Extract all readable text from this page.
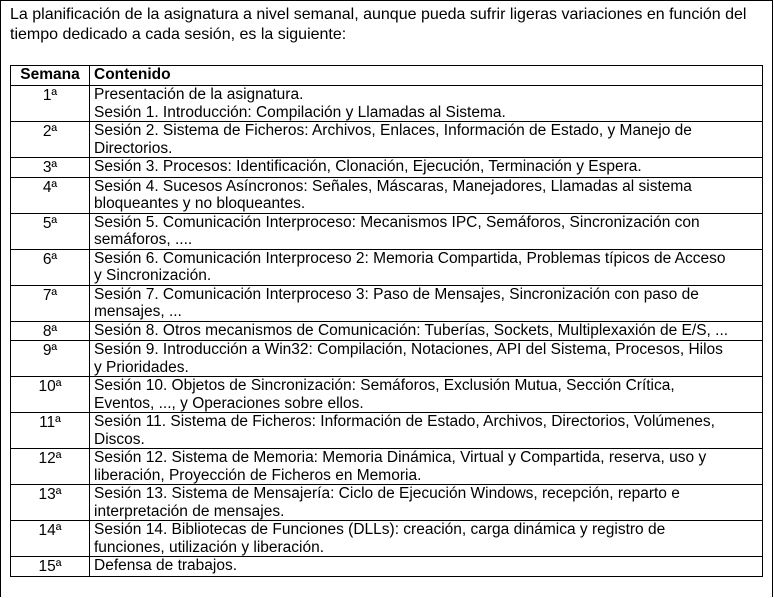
La planificación de la asignatura a nivel semanal, aunque pueda sufrir ligeras variaciones en función del tiempo dedicado a cada sesión, es la siguiente:

Semana	Contenido
1ª	Presentación de la asignatura.
Sesión 1. Introducción: Compilación y Llamadas al Sistema.

2ª	Sesión 2. Sistema de Ficheros: Archivos, Enlaces, Información de Estado, y Manejo de
Directorios.

3ª	Sesión 3. Procesos: Identificación, Clonación, Ejecución, Terminación y Espera.

4ª	Sesión 4. Sucesos Asíncronos: Señales, Máscaras, Manejadores, Llamadas al sistema
bloqueantes y no bloqueantes.

5ª	Sesión 5. Comunicación Interproceso: Mecanismos IPC, Semáforos, Sincronización con
semáforos, ....

6ª	Sesión 6. Comunicación Interproceso 2: Memoria Compartida, Problemas típicos de Acceso
y Sincronización.

7ª	Sesión 7. Comunicación Interproceso 3: Paso de Mensajes, Sincronización con paso de
mensajes, ...

8ª	Sesión 8. Otros mecanismos de Comunicación: Tuberías, Sockets, Multiplexaxión de E/S, ...

9ª	Sesión 9. Introducción a Win32: Compilación, Notaciones, API del Sistema, Procesos, Hilos
y Prioridades.

10ª	Sesión 10. Objetos de Sincronización: Semáforos, Exclusión Mutua, Sección Crítica,
Eventos, ..., y Operaciones sobre ellos.

11ª	Sesión 11. Sistema de Ficheros: Información de Estado, Archivos, Directorios, Volúmenes,
Discos.

12ª	Sesión 12. Sistema de Memoria: Memoria Dinámica, Virtual y Compartida, reserva, uso y
liberación, Proyección de Ficheros en Memoria.

13ª	Sesión 13. Sistema de Mensajería: Ciclo de Ejecución Windows, recepción, reparto e
interpretación de mensajes.

14ª	Sesión 14. Bibliotecas de Funciones (DLLs): creación, carga dinámica y registro de
funciones, utilización y liberación.

15ª	Defensa de trabajos.
